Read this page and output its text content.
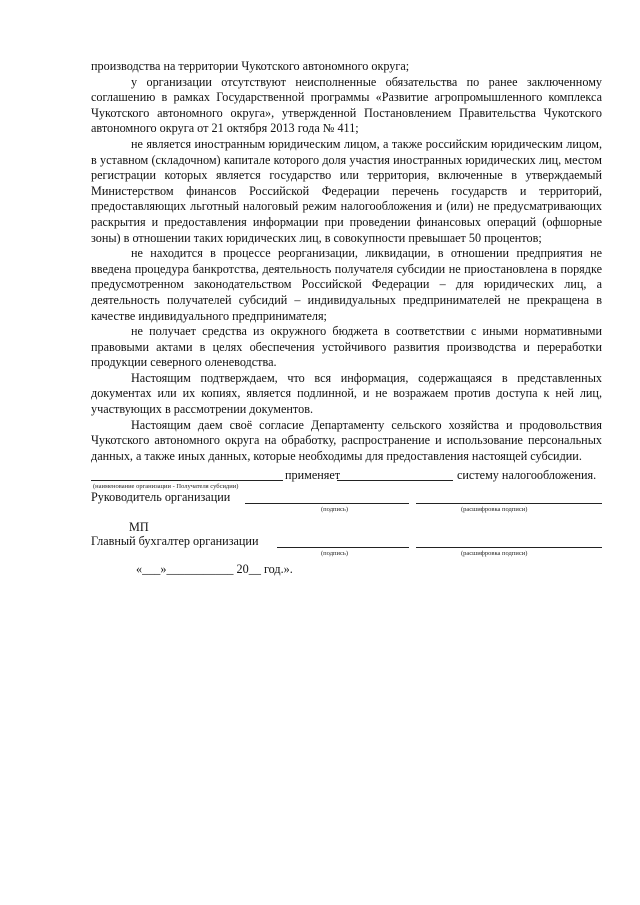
производства на территории Чукотского автономного округа;

у организации отсутствуют неисполненные обязательства по ранее заключенному соглашению в рамках Государственной программы «Развитие агропромышленного комплекса Чукотского автономного округа», утвержденной Постановлением Правительства Чукотского автономного округа от 21 октября 2013 года № 411;

не является иностранным юридическим лицом, а также российским юридическим лицом, в уставном (складочном) капитале которого доля участия иностранных юридических лиц, местом регистрации которых является государство или территория, включенные в утверждаемый Министерством финансов Российской Федерации перечень государств и территорий, предоставляющих льготный налоговый режим налогообложения и (или) не предусматривающих раскрытия и предоставления информации при проведении финансовых операций (офшорные зоны) в отношении таких юридических лиц, в совокупности превышает 50 процентов;

не находится в процессе реорганизации, ликвидации, в отношении предприятия не введена процедура банкротства, деятельность получателя субсидии не приостановлена в порядке предусмотренном законодательством Российской Федерации – для юридических лиц, а деятельность получателей субсидий – индивидуальных предпринимателей не прекращена в качестве индивидуального предпринимателя;

не получает средства из окружного бюджета в соответствии с иными нормативными правовыми актами в целях обеспечения устойчивого развития производства и переработки продукции северного оленеводства.

Настоящим подтверждаем, что вся информация, содержащаяся в представленных документах или их копиях, является подлинной, и не возражаем против доступа к ней лиц, участвующих в рассмотрении документов.

Настоящим даем своё согласие Департаменту сельского хозяйства и продовольствия Чукотского автономного округа на обработку, распространение и использование персональных данных, а также иных данных, которые необходимы для предоставления настоящей субсидии.

применяет	систему налогообложения.
(наименование организации - Получателя субсидии)
Руководитель организации
(подпись)	(расшифровка подписи)
МП
Главный бухгалтер организации
(подпись)	(расшифровка подписи)
«___»___________ 20__ год.».
